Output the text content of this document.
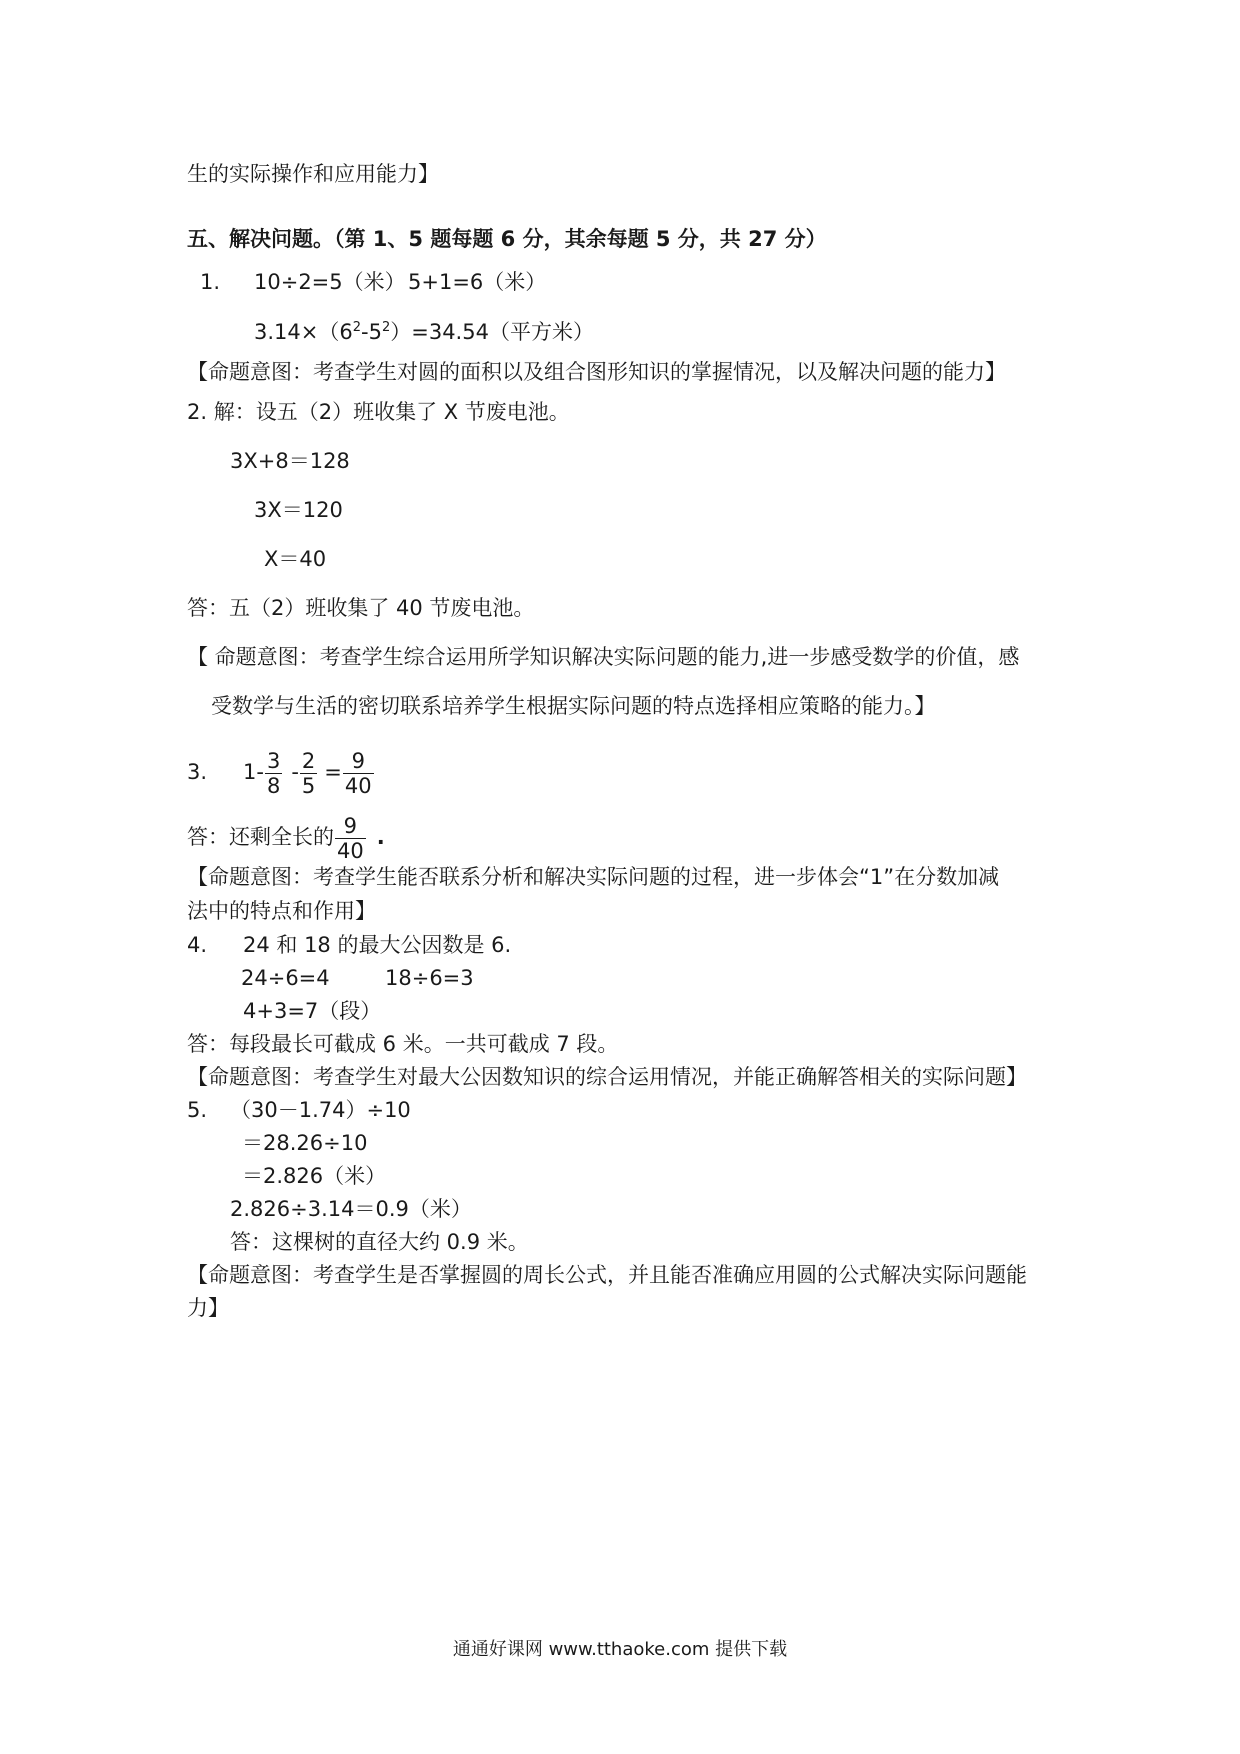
生的实际操作和应用能力】
五、解决问题。（第 1、5 题每题 6 分，其余每题 5 分，共 27 分）
1. 10÷2=5（米） 5+1=6（米）
$3.14\times(6^2-5^2)=34.54$（平方米）
【命题意图：考查学生对圆的面积以及组合图形知识的掌握情况，以及解决问题的能力】
2. 解：设五（2）班收集了 X 节废电池。
3X+8＝128
3X＝120
X＝40
答：五（2）班收集了 40 节废电池。
【 命题意图：考查学生综合运用所学知识解决实际问题的能力,进一步感受数学的价值，感
受数学与生活的密切联系培养学生根据实际问题的特点选择相应策略的能力。】
3. $1- \frac{3}{8} - \frac{2}{5} = \frac{9}{40}$
答：还剩全长的 $\frac{9}{40}$ .
【命题意图：考查学生能否联系分析和解决实际问题的过程，进一步体会“1”在分数加减
法中的特点和作用】
4. 24 和 18 的最大公因数是 6.
24÷6=4	18÷6=3
4+3=7（段）
答：每段最长可截成 6 米。一共可截成 7 段。
【命题意图：考查学生对最大公因数知识的综合运用情况，并能正确解答相关的实际问题】
5. （30－1.74）÷10
＝28.26÷10
＝2.826（米）
2.826÷3.14＝0.9（米）
答：这棵树的直径大约 0.9 米。
【命题意图：考查学生是否掌握圆的周长公式，并且能否准确应用圆的公式解决实际问题能
力】
通通好课网 www.tthaoke.com 提供下载
